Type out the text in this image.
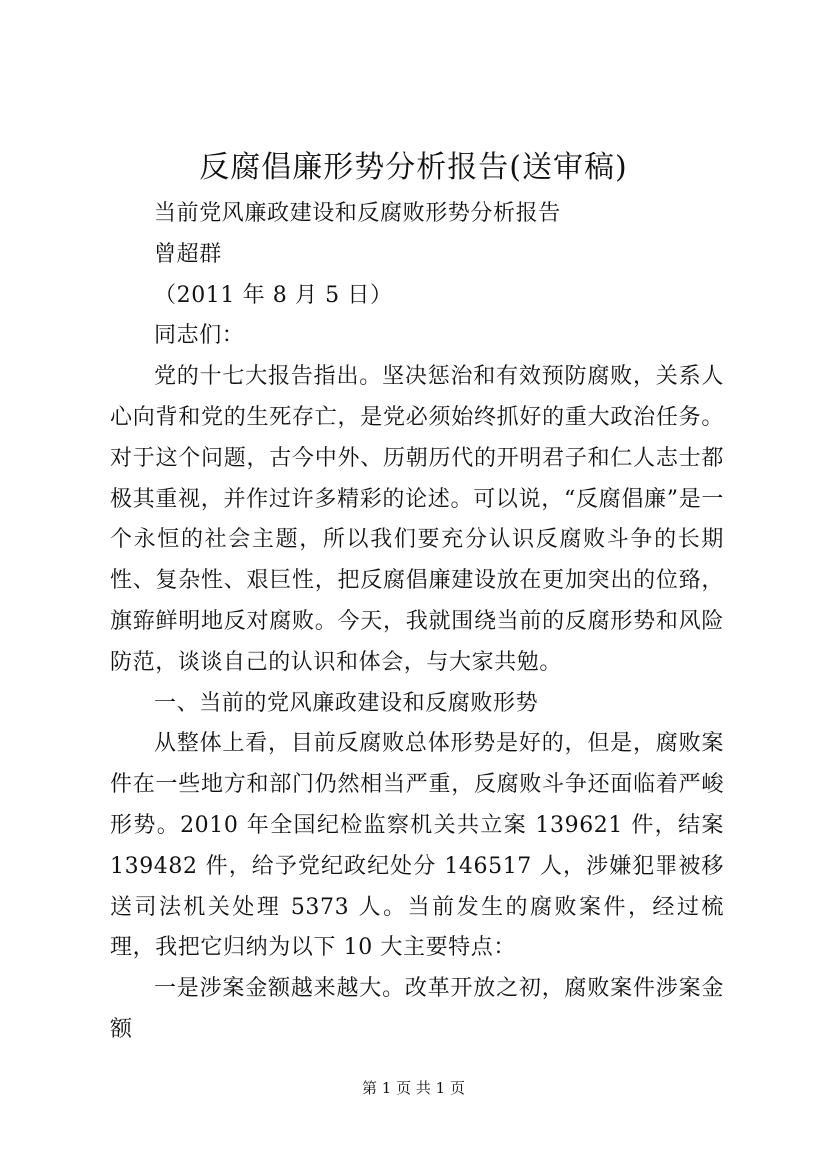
反腐倡廉形势分析报告(送审稿)

当前党风廉政建设和反腐败形势分析报告

曾超群

（2011 年 8 月 5 日）

同志们：

党的十七大报告指出。坚决惩治和有效预防腐败，关系人心向背和党的生死存亡，是党必须始终抓好的重大政治任务。对于这个问题，古今中外、历朝历代的开明君子和仁人志士都极其重视，并作过许多精彩的论述。可以说，“反腐倡廉”是一个永恒的社会主题，所以我们要充分认识反腐败斗争的长期性、复杂性、艰巨性，把反腐倡廉建设放在更加突出的位臵，旗臶鲜明地反对腐败。今天，我就围绕当前的反腐形势和风险防范，谈谈自己的认识和体会，与大家共勉。

一、当前的党风廉政建设和反腐败形势

从整体上看，目前反腐败总体形势是好的，但是，腐败案件在一些地方和部门仍然相当严重，反腐败斗争还面临着严峻形势。2010 年全国纪检监察机关共立案 139621 件，结案 139482 件，给予党纪政纪处分 146517 人，涉嫌犯罪被移送司法机关处理 5373 人。当前发生的腐败案件，经过梳理，我把它归纳为以下 10 大主要特点：

一是涉案金额越来越大。改革开放之初，腐败案件涉案金额

第 1 页 共 1 页
